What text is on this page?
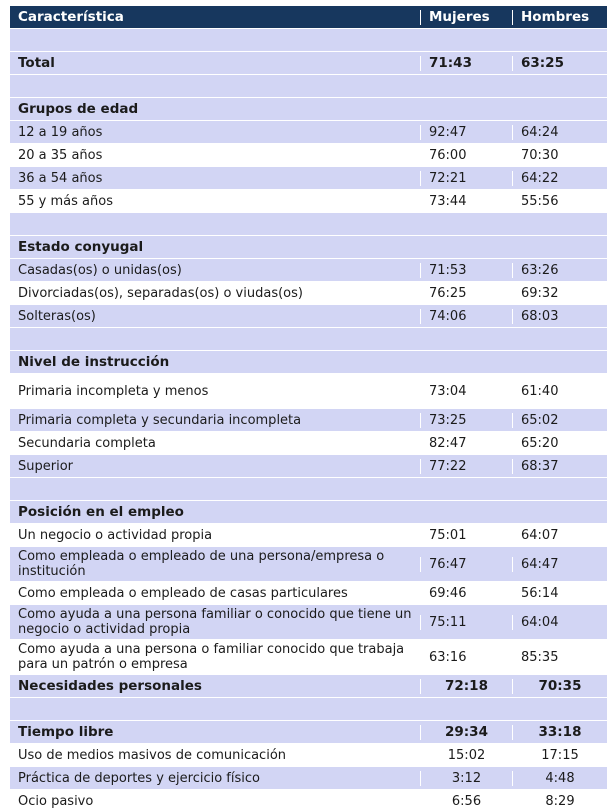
Característica	Mujeres	Hombres
Total	71:43	63:25
Grupos de edad
12 a 19 años	92:47	64:24
20 a 35 años	76:00	70:30
36 a 54 años	72:21	64:22
55 y más años	73:44	55:56
Estado conyugal
Casadas(os) o unidas(os)	71:53	63:26
Divorciadas(os), separadas(os) o viudas(os)	76:25	69:32
Solteras(os)	74:06	68:03
Nivel de instrucción
Primaria incompleta y menos	73:04	61:40
Primaria completa y secundaria incompleta	73:25	65:02
Secundaria completa	82:47	65:20
Superior	77:22	68:37
Posición en el empleo
Un negocio o actividad propia	75:01	64:07
Como empleada o empleado de una persona/empresa o institución	76:47	64:47
Como empleada o empleado de casas particulares	69:46	56:14
Como ayuda a una persona familiar o conocido que tiene un negocio o actividad propia	75:11	64:04
Como ayuda a una persona o familiar conocido que trabaja para un patrón o empresa	63:16	85:35
Necesidades personales	72:18	70:35
Tiempo libre	29:34	33:18
Uso de medios masivos de comunicación	15:02	17:15
Práctica de deportes y ejercicio físico	3:12	4:48
Ocio pasivo	6:56	8:29
